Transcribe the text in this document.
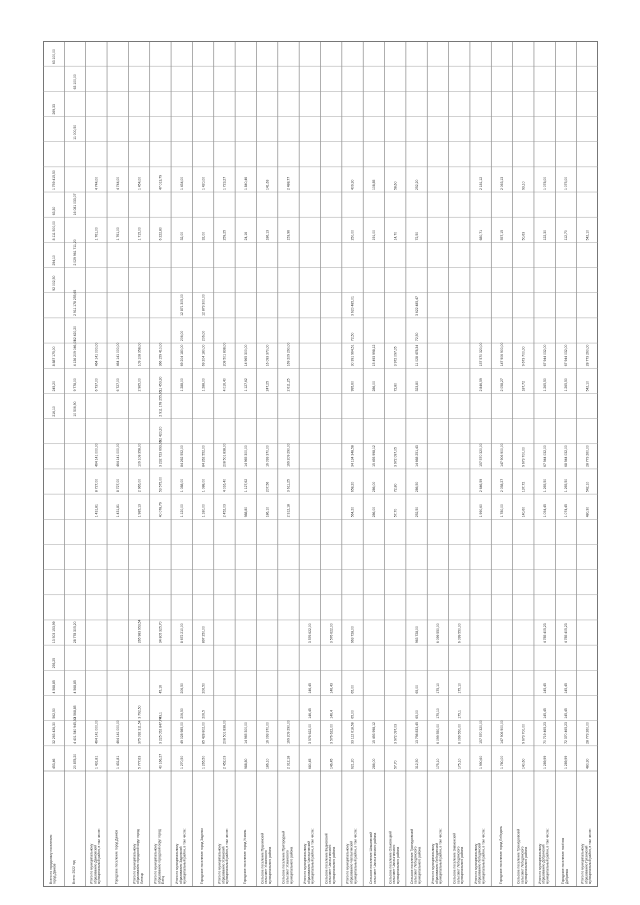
Всего по городскому поселениюгород Данков
453,46
32 263 426,30
562,50
4 568,85
293,25
13 503 153,99
216,10
245,20
8 887 175,00
92 002,50
294,10
8 111 500,00
63,30
1 759 415,50
269,33
63 100,00
Всего: 2022 год
20 878,20
4 401 540 945,30
4 568,85
4 568,85
28 778 305,20
10 506,90
9 778,00
4 136 209 046,00
62 420,20
2 911 178 255,65
2 029 961 711,20
16 081 033,07
11 000,50
63 100,00
Итого по муниципальномуобразованию Данковскиймуниципальный район, в том числе:
1 431,81
464 141 000,00
1 431,81
8 727,00
464 141 000,00
6 737,00
464 141 000,00
1 761,00
4 744,00
Городское поселение город Данков
1 431,81
464 141 000,00
1 431,81
8 727,00
464 141 000,00
6 727,00
464 141 000,00
1 761,00
4 744,00
Итого по муниципальномуобразованию городской округ городЛипецк
5 777,63
375 092 311,54
3 792,50
265 983 953,54
1 985,13
2 965,00
109 108 358,00
2 965,00
109 108 358,00
1 715,00
1 454,00
Итого по муниципальномуобразованию городской округ городЕлец
40 166,27
3 225 052 847,74
43,1
45,16
34 805 325,70
40 078,79
53 575,00
3 232 723 693,65
62 420,20
2 911 178 255,65
11 453,30
366 159 410,00
6 222,80
47 013,79
Итого по муниципальномуобразованию Задонскиймуниципальный район, в том числе:
1 270,50
49 028 985,00
206,50
206,50
8 672 210,00
1 120,00
1 088,00
84 262 552,00
1 288,00
69 204 180,00
206,00
12 871 305,00
32,00
1 434,00
Городское поселение город Задонск
1 265,50
85 428 802,00
206,5
206,50
897 250,00
1 180,00
1 088,00
84 262 552,00
1 288,00
69 204 180,00
206,00
12 873 300,00
32,00
1 420,00
Итого по муниципальномуобразованию Усманскиймуниципальный район, в том числе:
2 452,03
208 501 838,00
2 452,03
4 016,40
208 501 838,00
4 016,40
208 501 838,00
259,25
1 723,27
Городское поселение город Усмань
988,80
14 965 300,00
988,80
1 127,62
14 965 300,00
1 127,62
14 965 300,00
24,16
1 840,46
Сельское поселение Пушкинскийсельсовет Усманскогомуниципального района
186,10
16 093 370,00
186,10
207,56
16 093 370,00
247,25
16 093 370,00
186,13
141,63
Сельское поселение Пригородныйсельсовет Усманскогомуниципального района
2 312,18
169 209 290,00
2 312,18
3 611,25
169 209 290,00
2 611,25
169 209 290,00
153,96
2 488,77
Итого по муниципальномуобразованию Чаплыгинскиймуниципальный район, в том числе:
680,45
3 576 622,00
146,45
146,45
3 576 622,00
Сельское поселение Ведновскийсельсовет Чаплыгинскогомуниципального района
146,45
3 576 622,00
146,4
146,43
3 576 622,00
Итого по муниципальномуобразованию Чаплыгинскиймуниципальный район, в том числе:
621,20
33 112 618,58
65,00
65,00
963 728,00
564,20
658,20
34 134 348,58
995,60
30 391 964,51
72,50
3 620 485,01
250,00
409,30
Сельское поселение Шишкинскийсельсовет Чаплыгинского района
286,00
15 493 998,12
286,00
286,00
15 493 998,12
286,00
15 493 998,12
191,00
108,85
Сельское поселение Ольховецкийсельсовет Чаплыгинскогомуниципального района
57,70
3 972 097,03
57,70
72,80
3 972 097,05
72,80
3 972 097,05
14,70
58,60
Сельское поселение Троекуровскийсельсовет Лебедянскогомуниципального района
312,50
13 798 833,45
65,00
65,00
963 728,00
252,50
286,50
14 668 251,43
323,80
11 028 478,34
72,50
3 622 485,47
72,50
252,20
Итого по муниципальномуобразованию Лебедянскиймуниципальный район, в том числе:
175,10
6 099 550,00
175,10
175,10
6 099 550,00
Сельское поселение Знаменскийсельсовет Лебедянскогомуниципального района
175,10
6 099 550,00
175,1
175,10
6 099 550,00
Итого по муниципальномуобразованию Лебедянскиймуниципальный район, в том числе:
1 990,60
157 570 320,00
1 990,60
2 646,59
157 570 320,00
2 846,59
157 570 320,00
680,71
2 181,12
Городское поселение город Лебедянь
1 780,00
147 906 900,00
1 780,00
2 058,27
147 906 900,00
2 058,27
147 906 900,00
557,15
2 063,13
Сельское поселение Троекуровскийсельсовет Лебедянскогомуниципального района
140,60
9 673 700,00
140,60
137,72
9 673 700,00
187,72
9 673 700,00
50,63
93,10
Итого по муниципальномуобразованию Добринскиймуниципальный район, в том числе:
1 289,99
70 719 465,23
145,45
145,45
4 785 405,23
1 054,45
1 265,50
67 944 032,00
1 265,50
67 944 032,00
122,30
1 078,00
Городское поселение посёлокДобринка
1 289,99
72 370 465,23
145,45
145,45
4 785 405,23
1 074,45
1 265,50
68 944 032,00
1 265,50
67 944 032,00
112,70
1 075,00
Итого по муниципальномуобразованию Грязинскиймуниципальный район, в том числе:
480,30
28 773 260,00
480,30
542,10
28 773 260,00
542,10
28 773 260,00
542,10
